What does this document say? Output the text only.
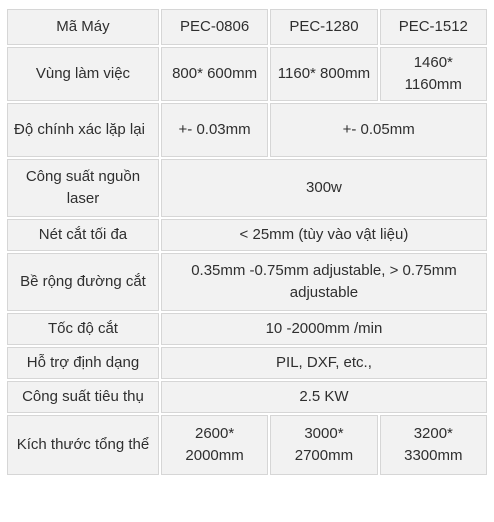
Mã Máy	PEC-0806	PEC-1280	PEC-1512
Vùng làm việc	800* 600mm	1160* 800mm	1460* 1160mm
Độ chính xác lặp lại	+- 0.03mm	+- 0.05mm	
Công suất nguồn laser	300w		
Nét cắt tối đa	< 25mm (tùy vào vật liệu)		
Bề rộng đường cắt	0.35mm -0.75mm adjustable, > 0.75mm adjustable		
Tốc độ cắt	10 -2000mm /min		
Hỗ trợ định dạng	PIL, DXF, etc.,		
Công suất tiêu thụ	2.5 KW		
Kích thước tổng thể	2600* 2000mm	3000* 2700mm	3200* 3300mm
